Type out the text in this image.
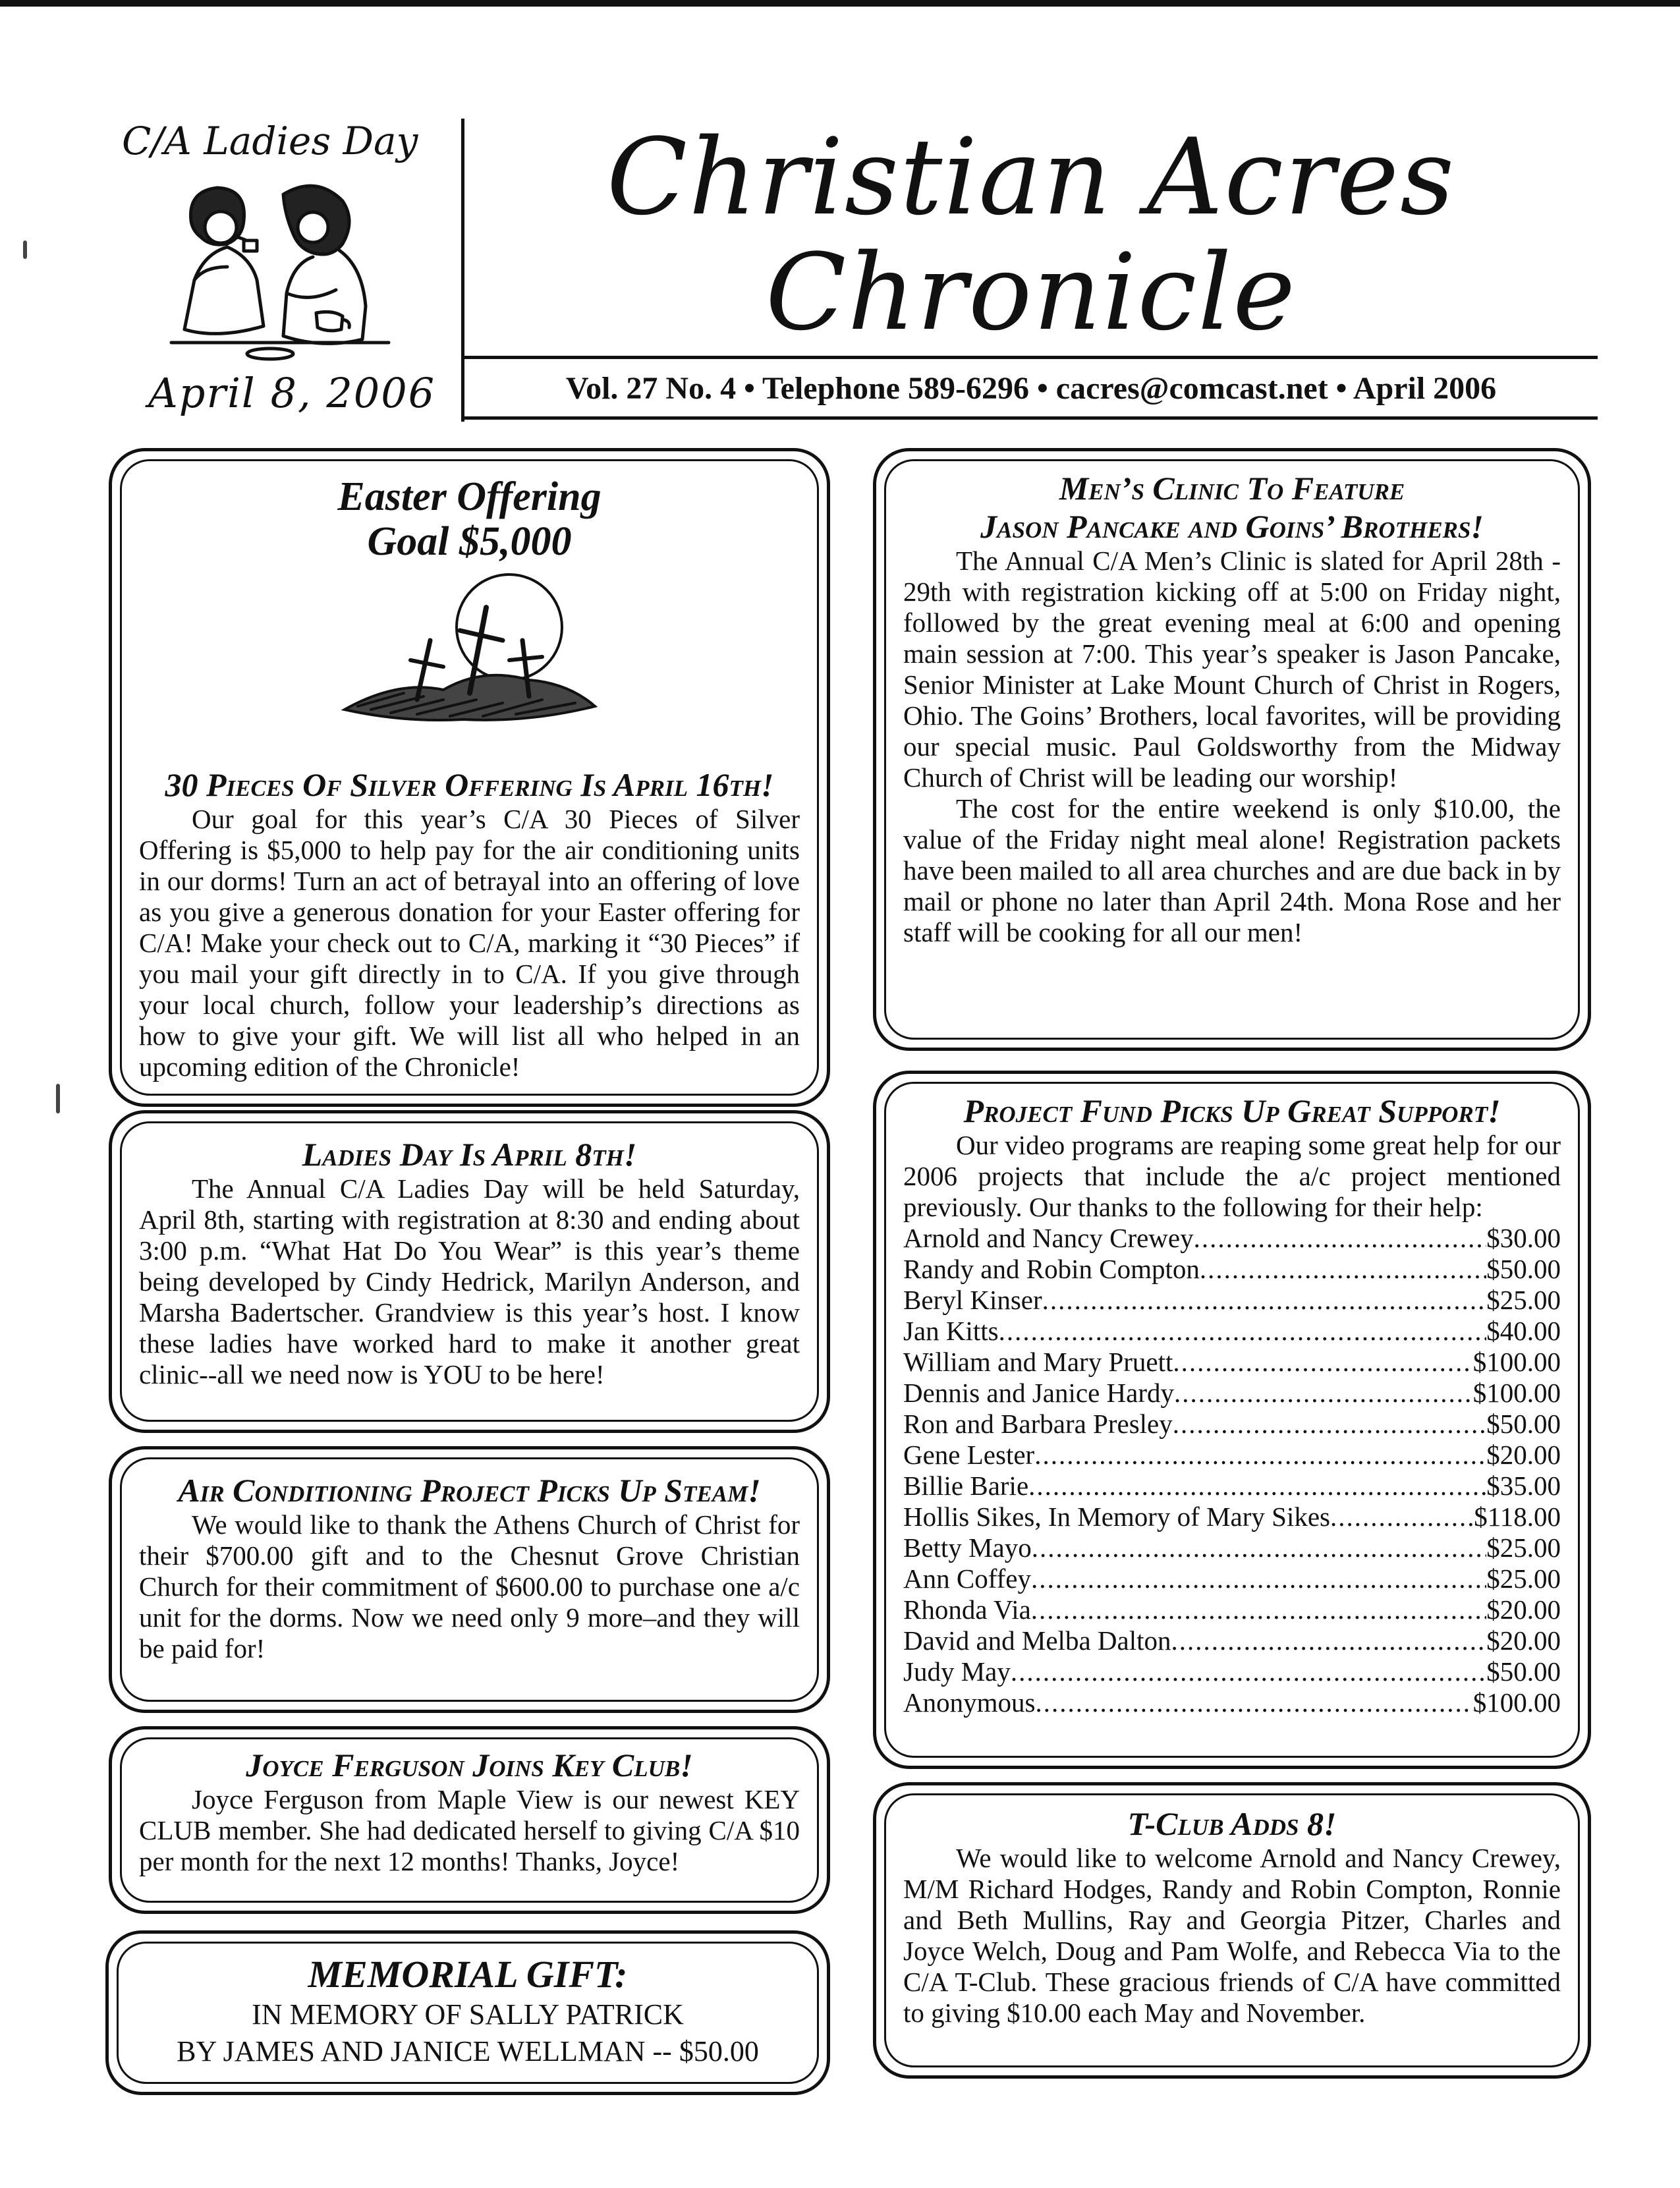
C/A Ladies Day
April 8, 2006
Christian Acres
Chronicle
Vol. 27 No. 4 • Telephone 589-6296 • cacres@comcast.net • April 2006
Easter Offering
Goal $5,000
30 Pieces Of Silver Offering Is April 16th!

Our goal for this year’s C/A 30 Pieces of Silver Offering is $5,000 to help pay for the air conditioning units in our dorms! Turn an act of betrayal into an offering of love as you give a generous donation for your Easter offering for C/A! Make your check out to C/A, marking it “30 Pieces” if you mail your gift directly in to C/A. If you give through your local church, follow your leadership’s directions as how to give your gift. We will list all who helped in an upcoming edition of the Chronicle!

Ladies Day Is April 8th!

The Annual C/A Ladies Day will be held Saturday, April 8th, starting with registration at 8:30 and ending about 3:00 p.m. “What Hat Do You Wear” is this year’s theme being developed by Cindy Hedrick, Marilyn Anderson, and Marsha Badertscher. Grandview is this year’s host. I know these ladies have worked hard to make it another great clinic--all we need now is YOU to be here!

Air Conditioning Project Picks Up Steam!

We would like to thank the Athens Church of Christ for their $700.00 gift and to the Chesnut Grove Christian Church for their commitment of $600.00 to purchase one a/c unit for the dorms. Now we need only 9 more–and they will be paid for!

Joyce Ferguson Joins Key Club!

Joyce Ferguson from Maple View is our newest KEY CLUB member. She had dedicated herself to giving C/A $10 per month for the next 12 months! Thanks, Joyce!

MEMORIAL GIFT:
IN MEMORY OF SALLY PATRICK
BY JAMES AND JANICE WELLMAN -- $50.00
Men’s Clinic To Feature
Jason Pancake and Goins’ Brothers!

The Annual C/A Men’s Clinic is slated for April 28th - 29th with registration kicking off at 5:00 on Friday night, followed by the great evening meal at 6:00 and opening main session at 7:00. This year’s speaker is Jason Pancake, Senior Minister at Lake Mount Church of Christ in Rogers, Ohio. The Goins’ Brothers, local favorites, will be providing our special music. Paul Goldsworthy from the Midway Church of Christ will be leading our worship!

The cost for the entire weekend is only $10.00, the value of the Friday night meal alone! Registration packets have been mailed to all area churches and are due back in by mail or phone no later than April 24th. Mona Rose and her staff will be cooking for all our men!

Project Fund Picks Up Great Support!

Our video programs are reaping some great help for our 2006 projects that include the a/c project mentioned previously. Our thanks to the following for their help:

Arnold and Nancy Crewey .....	$30.00
Randy and Robin Compton .....	$50.00
Beryl Kinser .....	$25.00
Jan Kitts .....	$40.00
William and Mary Pruett .....	$100.00
Dennis and Janice Hardy .....	$100.00
Ron and Barbara Presley .....	$50.00
Gene Lester .....	$20.00
Billie Barie .....	$35.00
Hollis Sikes, In Memory of Mary Sikes .....	$118.00
Betty Mayo .....	$25.00
Ann Coffey .....	$25.00
Rhonda Via .....	$20.00
David and Melba Dalton .....	$20.00
Judy May .....	$50.00
Anonymous .....	$100.00
T-Club Adds 8!

We would like to welcome Arnold and Nancy Crewey, M/M Richard Hodges, Randy and Robin Compton, Ronnie and Beth Mullins, Ray and Georgia Pitzer, Charles and Joyce Welch, Doug and Pam Wolfe, and Rebecca Via to the C/A T-Club. These gracious friends of C/A have committed to giving $10.00 each May and November.
